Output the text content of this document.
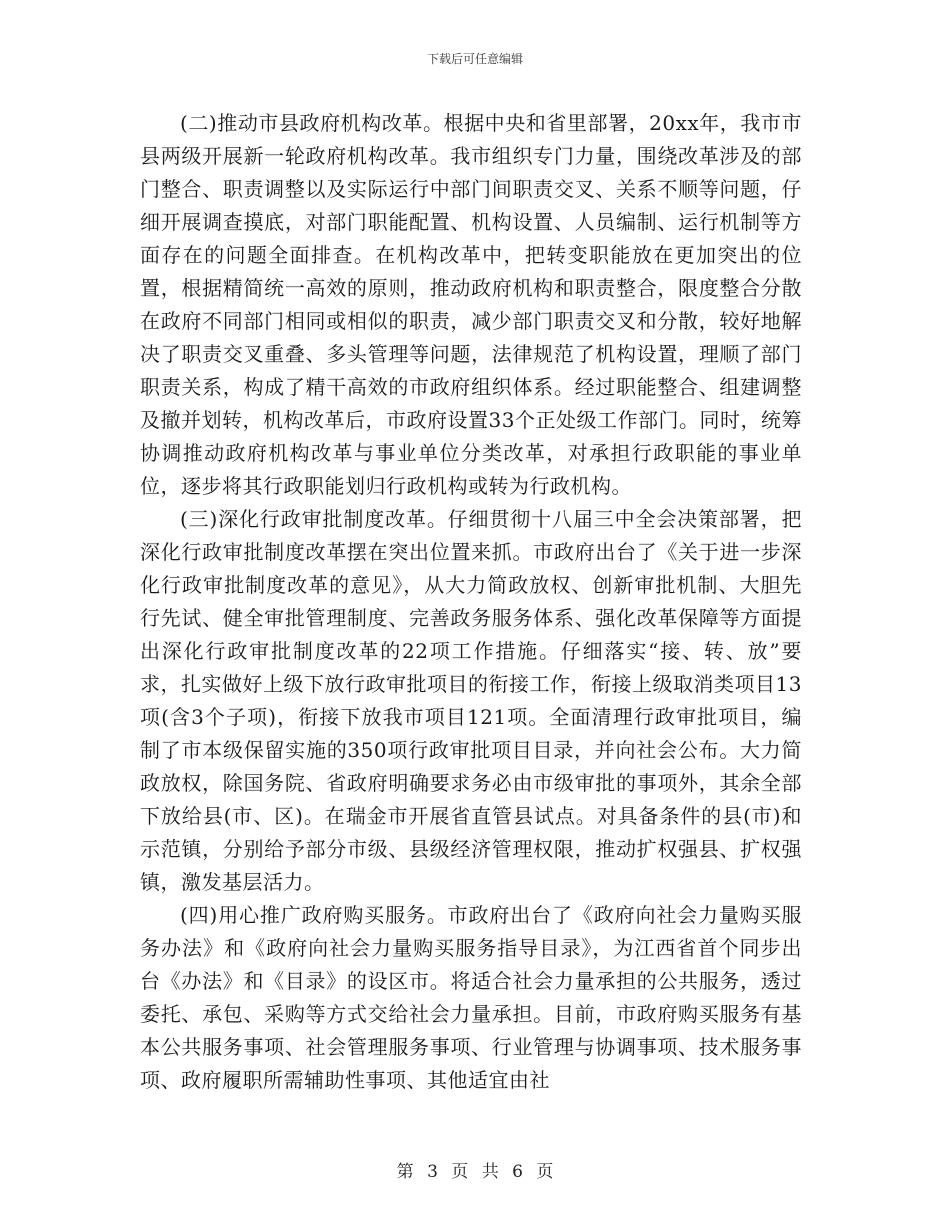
下载后可任意编辑

(二)推动市县政府机构改革。根据中央和省里部署，20xx年，我市市县两级开展新一轮政府机构改革。我市组织专门力量，围绕改革涉及的部门整合、职责调整以及实际运行中部门间职责交叉、关系不顺等问题，仔细开展调查摸底，对部门职能配置、机构设置、人员编制、运行机制等方面存在的问题全面排查。在机构改革中，把转变职能放在更加突出的位置，根据精简统一高效的原则，推动政府机构和职责整合，限度整合分散在政府不同部门相同或相似的职责，减少部门职责交叉和分散，较好地解决了职责交叉重叠、多头管理等问题，法律规范了机构设置，理顺了部门职责关系，构成了精干高效的市政府组织体系。经过职能整合、组建调整及撤并划转，机构改革后，市政府设置33个正处级工作部门。同时，统筹协调推动政府机构改革与事业单位分类改革，对承担行政职能的事业单位，逐步将其行政职能划归行政机构或转为行政机构。

(三)深化行政审批制度改革。仔细贯彻十八届三中全会决策部署，把深化行政审批制度改革摆在突出位置来抓。市政府出台了《关于进一步深化行政审批制度改革的意见》，从大力简政放权、创新审批机制、大胆先行先试、健全审批管理制度、完善政务服务体系、强化改革保障等方面提出深化行政审批制度改革的22项工作措施。仔细落实“接、转、放”要求，扎实做好上级下放行政审批项目的衔接工作，衔接上级取消类项目13项(含3个子项)，衔接下放我市项目121项。全面清理行政审批项目，编制了市本级保留实施的350项行政审批项目目录，并向社会公布。大力简政放权，除国务院、省政府明确要求务必由市级审批的事项外，其余全部下放给县(市、区)。在瑞金市开展省直管县试点。对具备条件的县(市)和示范镇，分别给予部分市级、县级经济管理权限，推动扩权强县、扩权强镇，激发基层活力。

(四)用心推广政府购买服务。市政府出台了《政府向社会力量购买服务办法》和《政府向社会力量购买服务指导目录》，为江西省首个同步出台《办法》和《目录》的设区市。将适合社会力量承担的公共服务，透过委托、承包、采购等方式交给社会力量承担。目前，市政府购买服务有基本公共服务事项、社会管理服务事项、行业管理与协调事项、技术服务事项、政府履职所需辅助性事项、其他适宜由社

第 3 页 共 6 页
